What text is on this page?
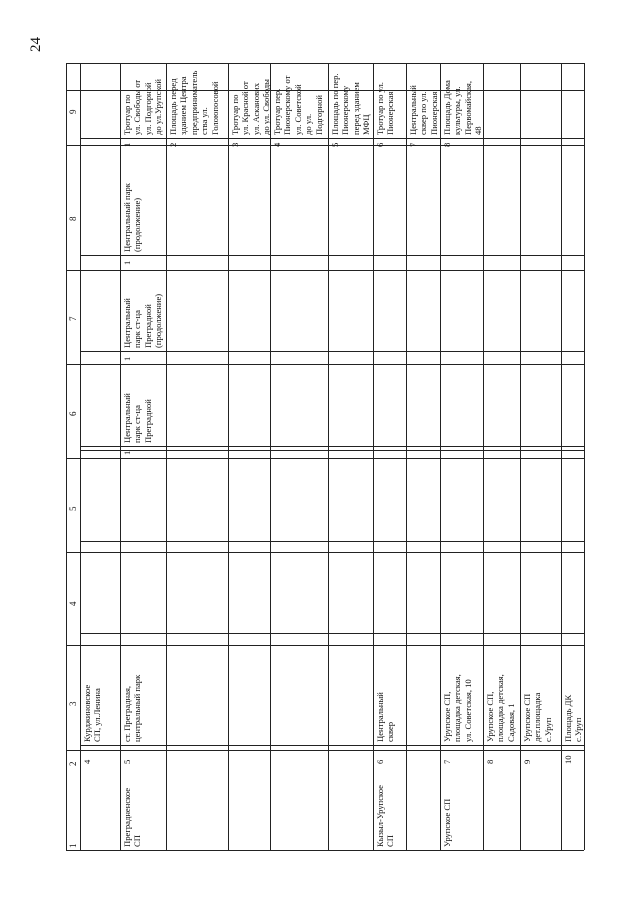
24
1
2
3
4
5
6
7
8
9
Курджиновское
СП, ул.Ленина
4
Преградненское
СП
ст. Преградная,
центральный парк
5
Центральный
парк ст-ца
Преградной
1
Центральный
парк ст-ца
Преградной
(продолжение)
1
Центральный парк
(продолжение)
1
Тротуар по
ул. Свободы от
ул. Подгорной
до ул.Урупской
1
Площадь перед
зданием Центра
предприниматель
ства ул.
Голоюпосовой
2
Тротуар по
ул. Красной от
ул. Асканових
до ул. Свободы
3
Тротуар пер.
Пионерскому от
ул. Советской
до ул.
Подгорной
4
Площадь по пер.
Пионерскому
перед зданием
МФЦ
5
Кызыл-Урупское
СП
Центральный
сквер
6
Тротуар по ул.
Пионерская
6
Центральный
сквер по ул.
Пионерская
7
Урупское СП
Урупское СП,
площадка детская,
ул. Советская, 10
7
Площадь Дома
культуры, ул.
Первомайская,
48
8
Урупское СП,
площадка детская,
Садовая, 1
8
Урупское СП
дет.площадка
с.Уруп
9
Площадь ДК
с.Уруп
10
